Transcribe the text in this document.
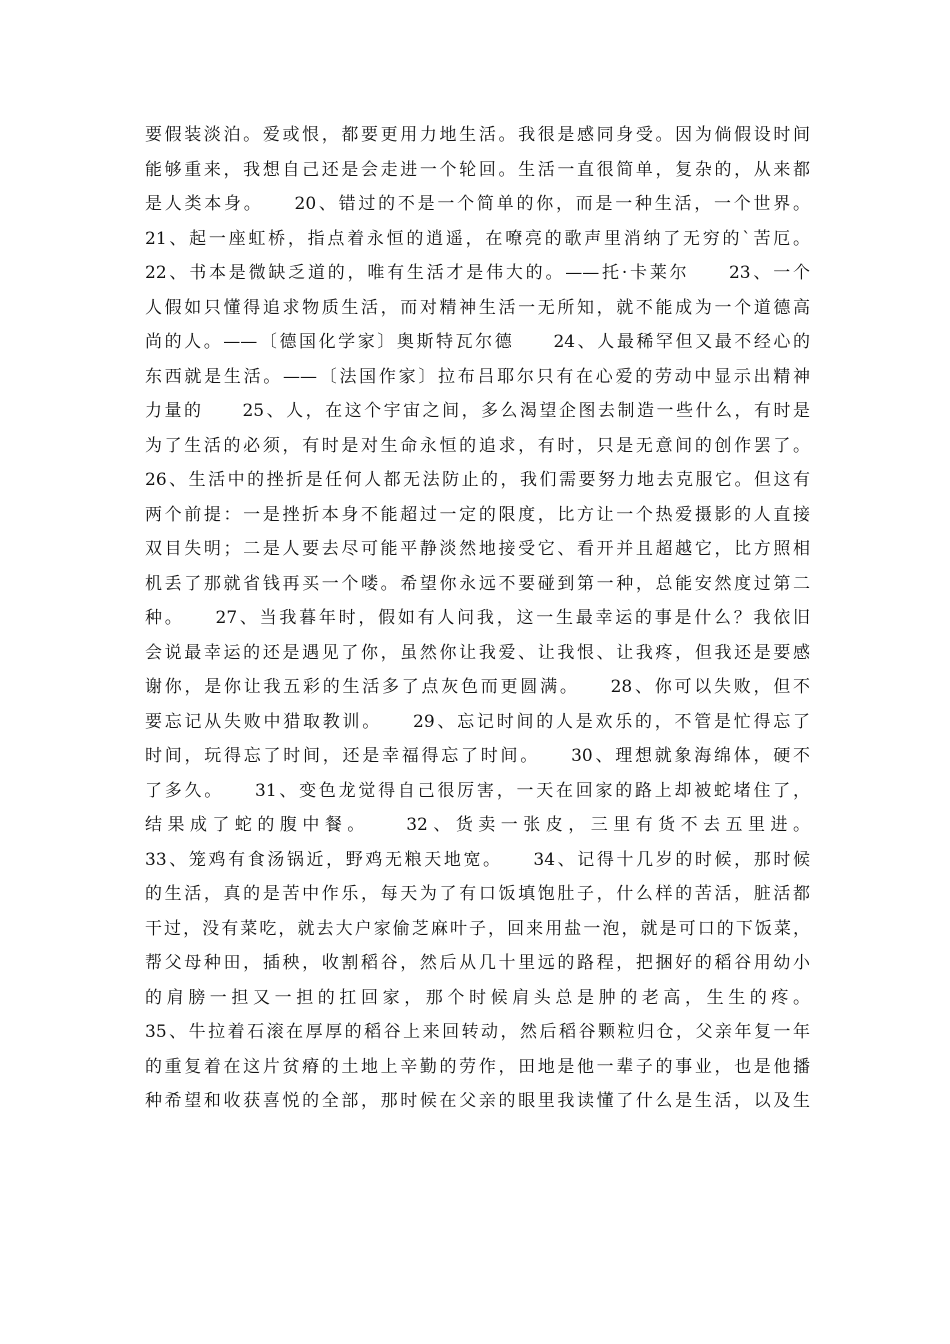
要假装淡泊。爱或恨，都要更用力地生活。我很是感同身受。因为倘假设时间
能够重来，我想自己还是会走进一个轮回。生活一直很简单，复杂的，从来都
是人类本身。　　20、错过的不是一个简单的你，而是一种生活，一个世界。
21、起一座虹桥，指点着永恒的逍遥，在嘹亮的歌声里消纳了无穷的`苦厄。
22、书本是微缺乏道的，唯有生活才是伟大的。——托·卡莱尔　　23、一个
人假如只懂得追求物质生活，而对精神生活一无所知，就不能成为一个道德高
尚的人。——〔德国化学家〕奥斯特瓦尔德　　24、人最稀罕但又最不经心的
东西就是生活。——〔法国作家〕拉布吕耶尔只有在心爱的劳动中显示出精神
力量的　　25、人，在这个宇宙之间，多么渴望企图去制造一些什么，有时是
为了生活的必须，有时是对生命永恒的追求，有时，只是无意间的创作罢了。
26、生活中的挫折是任何人都无法防止的，我们需要努力地去克服它。但这有
两个前提：一是挫折本身不能超过一定的限度，比方让一个热爱摄影的人直接
双目失明；二是人要去尽可能平静淡然地接受它、看开并且超越它，比方照相
机丢了那就省钱再买一个喽。希望你永远不要碰到第一种，总能安然度过第二
种。　　27、当我暮年时，假如有人问我，这一生最幸运的事是什么？我依旧
会说最幸运的还是遇见了你，虽然你让我爱、让我恨、让我疼，但我还是要感
谢你，是你让我五彩的生活多了点灰色而更圆满。　　28、你可以失败，但不
要忘记从失败中猎取教训。　　29、忘记时间的人是欢乐的，不管是忙得忘了
时间，玩得忘了时间，还是幸福得忘了时间。　　30、理想就象海绵体，硬不
了多久。　　31、变色龙觉得自己很厉害，一天在回家的路上却被蛇堵住了，
结果成了蛇的腹中餐。　　32、货卖一张皮，三里有货不去五里进。
33、笼鸡有食汤锅近，野鸡无粮天地宽。　　34、记得十几岁的时候，那时候
的生活，真的是苦中作乐，每天为了有口饭填饱肚子，什么样的苦活，脏活都
干过，没有菜吃，就去大户家偷芝麻叶子，回来用盐一泡，就是可口的下饭菜，
帮父母种田，插秧，收割稻谷，然后从几十里远的路程，把捆好的稻谷用幼小
的肩膀一担又一担的扛回家，那个时候肩头总是肿的老高，生生的疼。
35、牛拉着石滚在厚厚的稻谷上来回转动，然后稻谷颗粒归仓，父亲年复一年
的重复着在这片贫瘠的土地上辛勤的劳作，田地是他一辈子的事业，也是他播
种希望和收获喜悦的全部，那时候在父亲的眼里我读懂了什么是生活，以及生
